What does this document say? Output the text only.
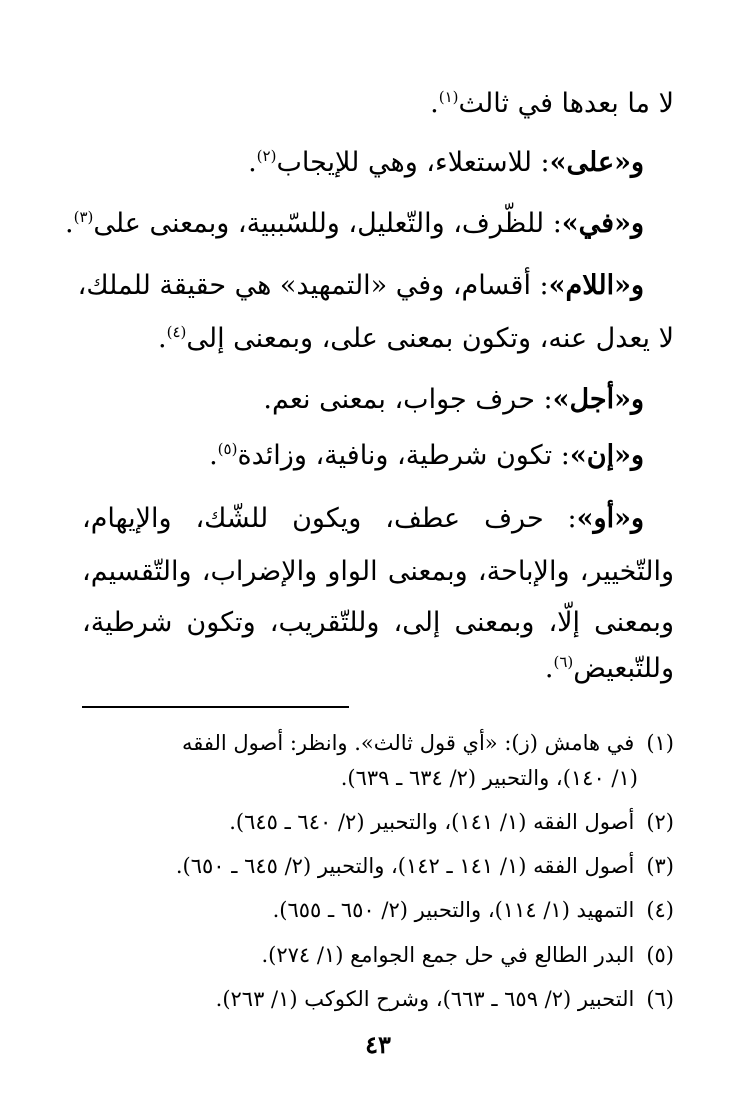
لا ما بعدها في ثالث$^{(١)}$.
و«على»: للاستعلاء، وهي للإيجاب$^{(٢)}$.
و«في»: للظّرف، والتّعليل، وللسّببية، وبمعنى على$^{(٣)}$.
و«اللام»: أقسام، وفي «التمهيد» هي حقيقة للملك،
لا يعدل عنه، وتكون بمعنى على، وبمعنى إلى$^{(٤)}$.
و«أجل»: حرف جواب، بمعنى نعم.
و«إن»: تكون شرطية، ونافية، وزائدة$^{(٥)}$.
و«أو»: حرف عطف، ويكون للشّك، والإيهام،
والتّخيير، والإباحة، وبمعنى الواو والإضراب، والتّقسيم،
وبمعنى إلّا، وبمعنى إلى، وللتّقريب، وتكون شرطية،
وللتّبعيض$^{(٦)}$.
(١)في هامش (ز): «أي قول ثالث». وانظر: أصول الفقه
(١/ ١٤٠)، والتحبير (٢/ ٦٣٤ ـ ٦٣٩).
(٢)أصول الفقه (١/ ١٤١)، والتحبير (٢/ ٦٤٠ ـ ٦٤٥).
(٣)أصول الفقه (١/ ١٤١ ـ ١٤٢)، والتحبير (٢/ ٦٤٥ ـ ٦٥٠).
(٤)التمهيد (١/ ١١٤)، والتحبير (٢/ ٦٥٠ ـ ٦٥٥).
(٥)البدر الطالع في حل جمع الجوامع (١/ ٢٧٤).
(٦)التحبير (٢/ ٦٥٩ ـ ٦٦٣)، وشرح الكوكب (١/ ٢٦٣).
٤٣
